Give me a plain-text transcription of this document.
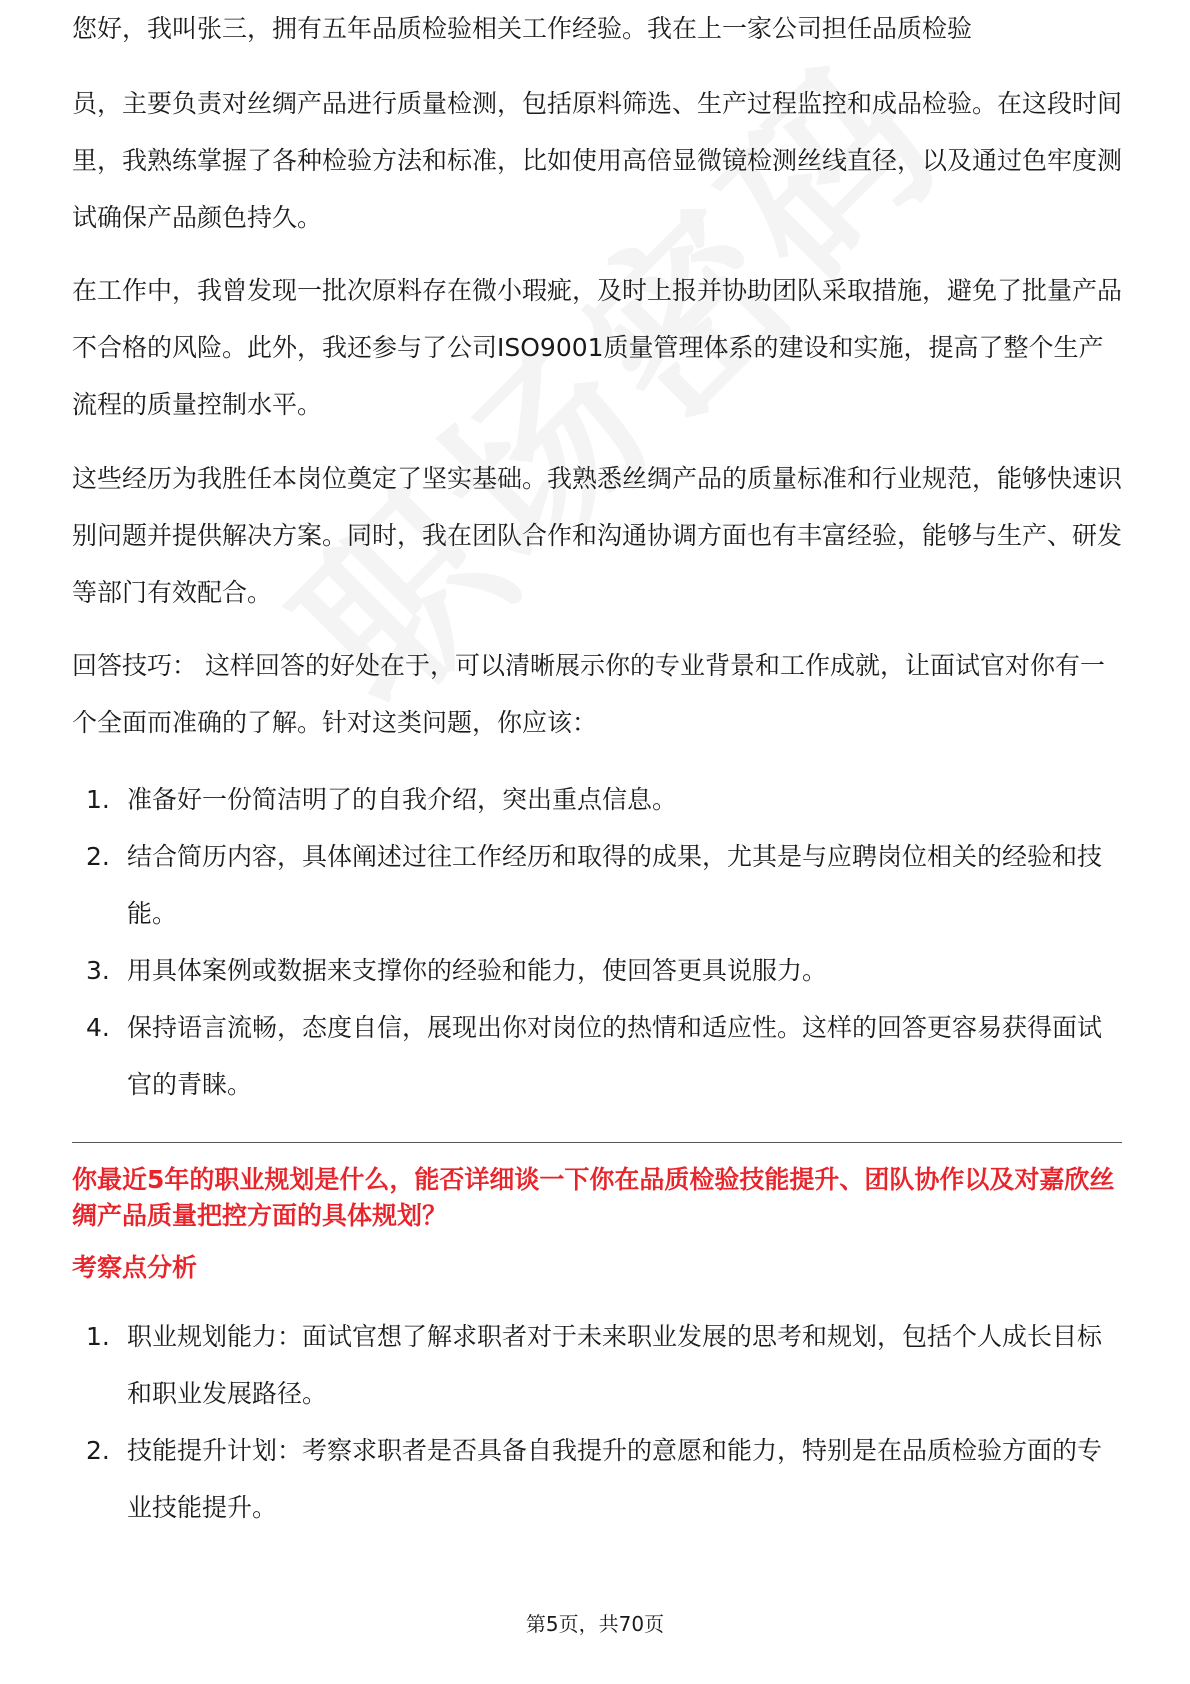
您好，我叫张三，拥有五年品质检验相关工作经验。我在上一家公司担任品质检验

员，主要负责对丝绸产品进行质量检测，包括原料筛选、生产过程监控和成品检验。在这段时间里，我熟练掌握了各种检验方法和标准，比如使用高倍显微镜检测丝线直径，以及通过色牢度测试确保产品颜色持久。

在工作中，我曾发现一批次原料存在微小瑕疵，及时上报并协助团队采取措施，避免了批量产品不合格的风险。此外，我还参与了公司ISO9001质量管理体系的建设和实施，提高了整个生产流程的质量控制水平。

这些经历为我胜任本岗位奠定了坚实基础。我熟悉丝绸产品的质量标准和行业规范，能够快速识别问题并提供解决方案。同时，我在团队合作和沟通协调方面也有丰富经验，能够与生产、研发等部门有效配合。

回答技巧： 这样回答的好处在于，可以清晰展示你的专业背景和工作成就，让面试官对你有一个全面而准确的了解。针对这类问题，你应该：

1. 准备好一份简洁明了的自我介绍，突出重点信息。
2. 结合简历内容，具体阐述过往工作经历和取得的成果，尤其是与应聘岗位相关的经验和技能。
3. 用具体案例或数据来支撑你的经验和能力，使回答更具说服力。
4. 保持语言流畅，态度自信，展现出你对岗位的热情和适应性。这样的回答更容易获得面试官的青睐。

你最近5年的职业规划是什么，能否详细谈一下你在品质检验技能提升、团队协作以及对嘉欣丝绸产品质量把控方面的具体规划？

考察点分析

1. 职业规划能力：面试官想了解求职者对于未来职业发展的思考和规划，包括个人成长目标和职业发展路径。
2. 技能提升计划：考察求职者是否具备自我提升的意愿和能力，特别是在品质检验方面的专业技能提升。
第5页，共70页
